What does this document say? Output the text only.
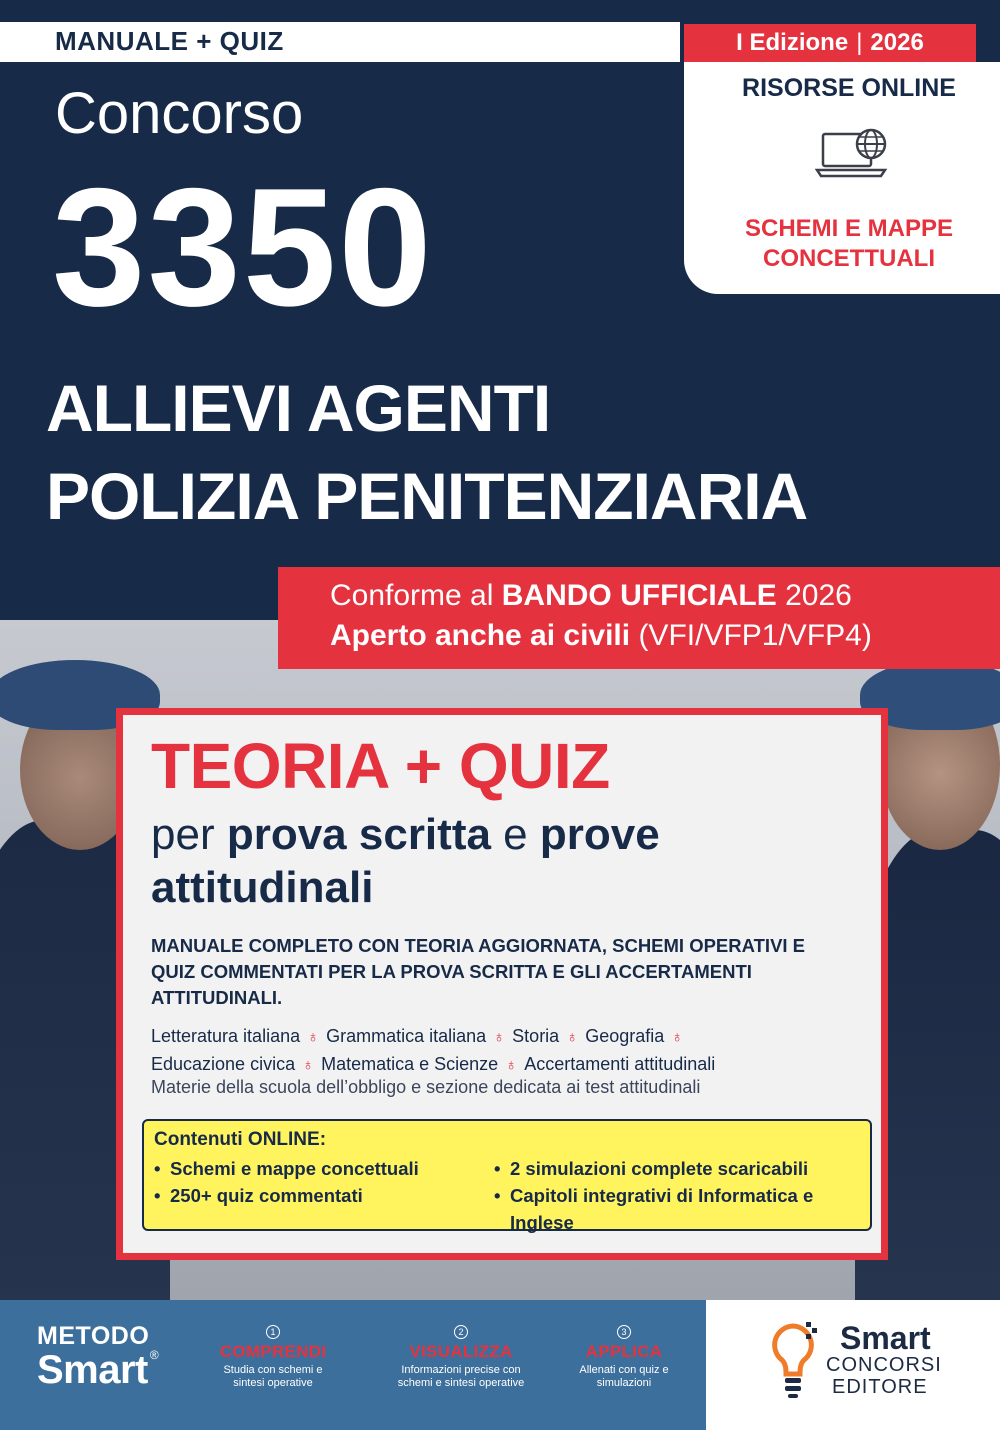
MANUALE + QUIZ	I Edizione | 2026
RISORSE ONLINE
SCHEMI E MAPPE
CONCETTUALI
Concorso
3350
ALLIEVI AGENTI
POLIZIA PENITENZIARIA
Conforme al BANDO UFFICIALE 2026
Aperto anche ai civili (VFI/VFP1/VFP4)
TEORIA + QUIZ
per prova scritta e prove
attitudinali
MANUALE COMPLETO CON TEORIA AGGIORNATA, SCHEMI OPERATIVI E QUIZ COMMENTATI PER LA PROVA SCRITTA E GLI ACCERTAMENTI ATTITUDINALI.
Letteratura italiana ♁ Grammatica italiana ♁ Storia ♁ Geografia ♁
Educazione civica ♁ Matematica e Scienze ♁ Accertamenti attitudinali
Materie della scuola dell’obbligo e sezione dedicata ai test attitudinali
Contenuti ONLINE:
• Schemi e mappe concettuali
• 250+ quiz commentati
• 2 simulazioni complete scaricabili
• Capitoli integrativi di Informatica e Inglese
METODO
Smart ®
1
COMPRENDI
Studia con schemi e sintesi operative
2
VISUALIZZA
Informazioni precise con schemi e sintesi operative
3
APPLICA
Allenati con quiz e simulazioni
Smart
CONCORSI
EDITORE
